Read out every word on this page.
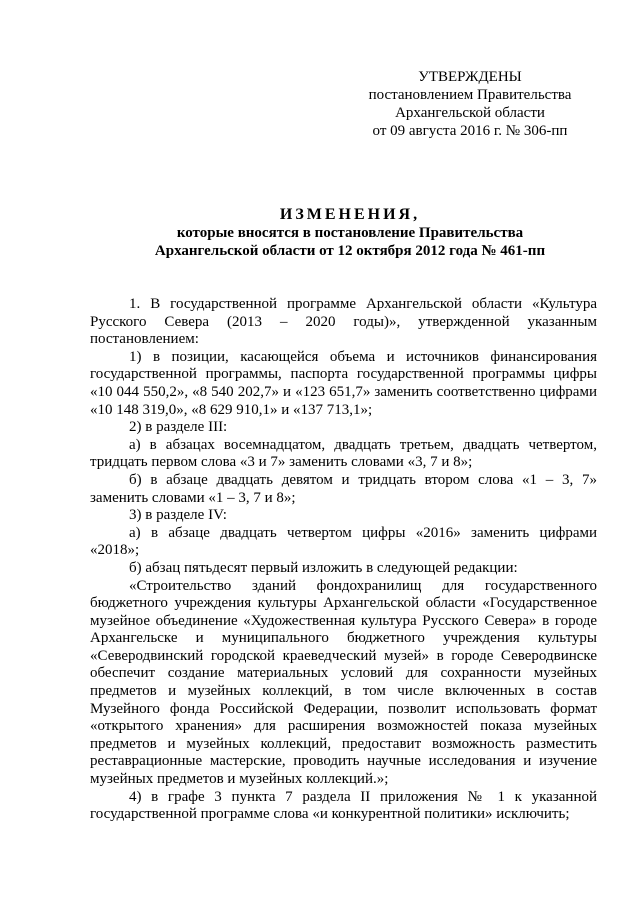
УТВЕРЖДЕНЫ
постановлением Правительства
Архангельской области
от 09 августа 2016 г. № 306-пп
ИЗМЕНЕНИЯ,
которые вносятся в постановление Правительства
Архангельской области от 12 октября 2012 года № 461-пп

1. В государственной программе Архангельской области «Культура Русского Севера (2013 – 2020 годы)», утвержденной указанным постановлением:

1) в позиции, касающейся объема и источников финансирования государственной программы, паспорта государственной программы цифры «10 044 550,2», «8 540 202,7» и «123 651,7» заменить соответственно цифрами «10 148 319,0», «8 629 910,1» и «137 713,1»;

2) в разделе III:

а) в абзацах восемнадцатом, двадцать третьем, двадцать четвертом, тридцать первом слова «3 и 7» заменить словами «3, 7 и 8»;

б) в абзаце двадцать девятом и тридцать втором слова «1 – 3, 7» заменить словами «1 – 3, 7 и 8»;

3) в разделе IV:

а) в абзаце двадцать четвертом цифры «2016» заменить цифрами «2018»;

б) абзац пятьдесят первый изложить в следующей редакции:

«Строительство зданий фондохранилищ для государственного бюджетного учреждения культуры Архангельской области «Государственное музейное объединение «Художественная культура Русского Севера» в городе Архангельске и муниципального бюджетного учреждения культуры «Северодвинский городской краеведческий музей» в городе Северодвинске обеспечит создание материальных условий для сохранности музейных предметов и музейных коллекций, в том числе включенных в состав Музейного фонда Российской Федерации, позволит использовать формат «открытого хранения» для расширения возможностей показа музейных предметов и музейных коллекций, предоставит возможность разместить реставрационные мастерские, проводить научные исследования и изучение музейных предметов и музейных коллекций.»;

4) в графе 3 пункта 7 раздела II приложения № 1 к указанной государственной программе слова «и конкурентной политики» исключить;
